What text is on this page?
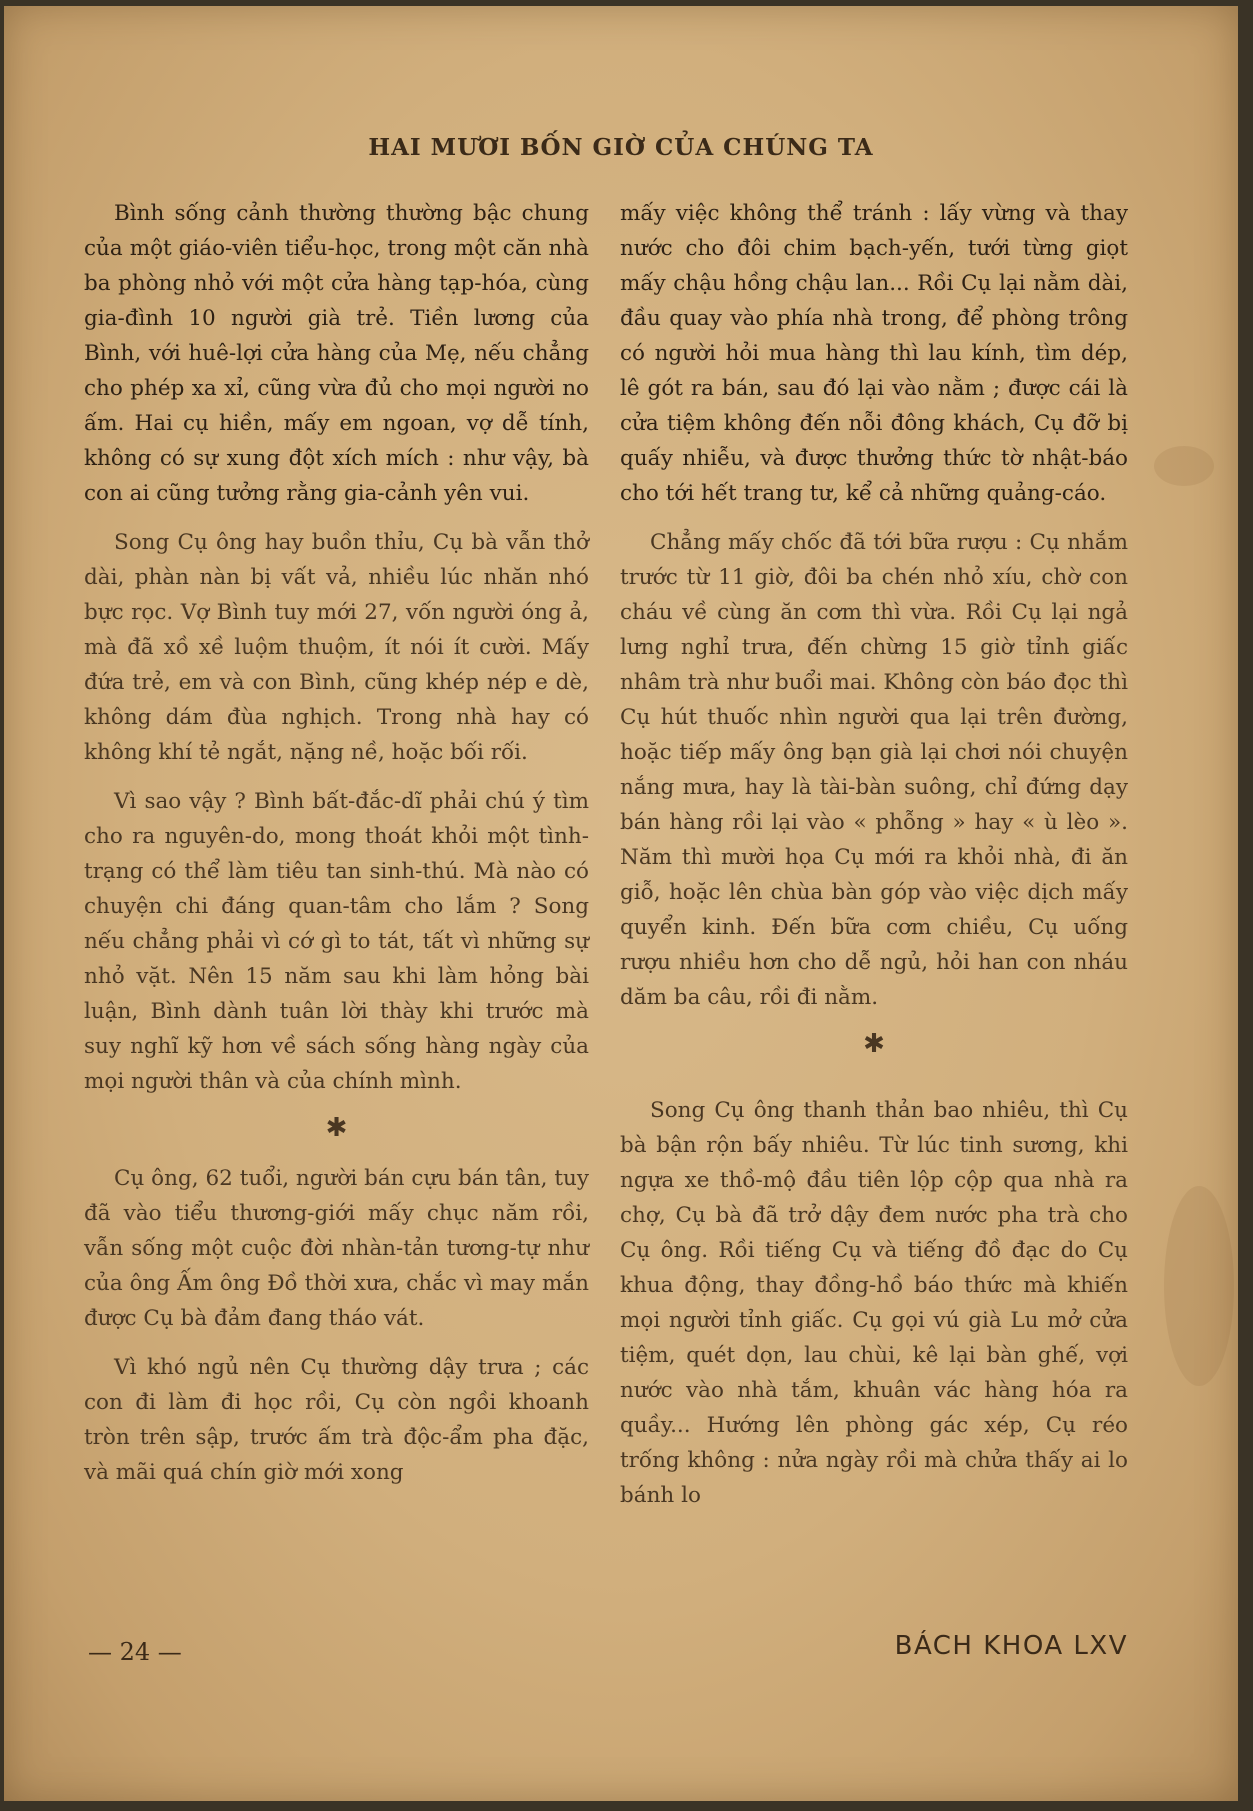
HAI MƯƠI BỐN GIỜ CỦA CHÚNG TA

Bình sống cảnh thường thường bậc chung của một giáo-viên tiểu-học, trong một căn nhà ba phòng nhỏ với một cửa hàng tạp-hóa, cùng gia-đình 10 người già trẻ. Tiền lương của Bình, với huê-lợi cửa hàng của Mẹ, nếu chẳng cho phép xa xỉ, cũng vừa đủ cho mọi người no ấm. Hai cụ hiền, mấy em ngoan, vợ dễ tính, không có sự xung đột xích mích : như vậy, bà con ai cũng tưởng rằng gia-cảnh yên vui.

Song Cụ ông hay buồn thỉu, Cụ bà vẫn thở dài, phàn nàn bị vất vả, nhiều lúc nhăn nhó bực rọc. Vợ Bình tuy mới 27, vốn người óng ả, mà đã xồ xề luộm thuộm, ít nói ít cười. Mấy đứa trẻ, em và con Bình, cũng khép nép e dè, không dám đùa nghịch. Trong nhà hay có không khí tẻ ngắt, nặng nề, hoặc bối rối.

Vì sao vậy ? Bình bất-đắc-dĩ phải chú ý tìm cho ra nguyên-do, mong thoát khỏi một tình-trạng có thể làm tiêu tan sinh-thú. Mà nào có chuyện chi đáng quan-tâm cho lắm ? Song nếu chẳng phải vì cớ gì to tát, tất vì những sự nhỏ vặt. Nên 15 năm sau khi làm hỏng bài luận, Bình dành tuân lời thày khi trước mà suy nghĩ kỹ hơn về sách sống hàng ngày của mọi người thân và của chính mình.

✱

Cụ ông, 62 tuổi, người bán cựu bán tân, tuy đã vào tiểu thương-giới mấy chục năm rồi, vẫn sống một cuộc đời nhàn-tản tương-tự như của ông Ấm ông Đồ thời xưa, chắc vì may mắn được Cụ bà đảm đang tháo vát.

Vì khó ngủ nên Cụ thường dậy trưa ; các con đi làm đi học rồi, Cụ còn ngồi khoanh tròn trên sập, trước ấm trà độc-ẩm pha đặc, và mãi quá chín giờ mới xong

mấy việc không thể tránh : lấy vừng và thay nước cho đôi chim bạch-yến, tưới từng giọt mấy chậu hồng chậu lan... Rồi Cụ lại nằm dài, đầu quay vào phía nhà trong, để phòng trông có người hỏi mua hàng thì lau kính, tìm dép, lê gót ra bán, sau đó lại vào nằm ; được cái là cửa tiệm không đến nỗi đông khách, Cụ đỡ bị quấy nhiễu, và được thưởng thức tờ nhật-báo cho tới hết trang tư, kể cả những quảng-cáo.

Chẳng mấy chốc đã tới bữa rượu : Cụ nhắm trước từ 11 giờ, đôi ba chén nhỏ xíu, chờ con cháu về cùng ăn cơm thì vừa. Rồi Cụ lại ngả lưng nghỉ trưa, đến chừng 15 giờ tỉnh giấc nhâm trà như buổi mai. Không còn báo đọc thì Cụ hút thuốc nhìn người qua lại trên đường, hoặc tiếp mấy ông bạn già lại chơi nói chuyện nắng mưa, hay là tài-bàn suông, chỉ đứng dạy bán hàng rồi lại vào « phỗng » hay « ù lèo ». Năm thì mười họa Cụ mới ra khỏi nhà, đi ăn giỗ, hoặc lên chùa bàn góp vào việc dịch mấy quyển kinh. Đến bữa cơm chiều, Cụ uống rượu nhiều hơn cho dễ ngủ, hỏi han con nháu dăm ba câu, rồi đi nằm.

✱

Song Cụ ông thanh thản bao nhiêu, thì Cụ bà bận rộn bấy nhiêu. Từ lúc tinh sương, khi ngựa xe thồ-mộ đầu tiên lộp cộp qua nhà ra chợ, Cụ bà đã trở dậy đem nước pha trà cho Cụ ông. Rồi tiếng Cụ và tiếng đồ đạc do Cụ khua động, thay đồng-hồ báo thức mà khiến mọi người tỉnh giấc. Cụ gọi vú già Lu mở cửa tiệm, quét dọn, lau chùi, kê lại bàn ghế, vợi nước vào nhà tắm, khuân vác hàng hóa ra quầy... Hướng lên phòng gác xép, Cụ réo trống không : nửa ngày rồi mà chửa thấy ai lo bánh lo

— 24 —	BÁCH KHOA LXV
